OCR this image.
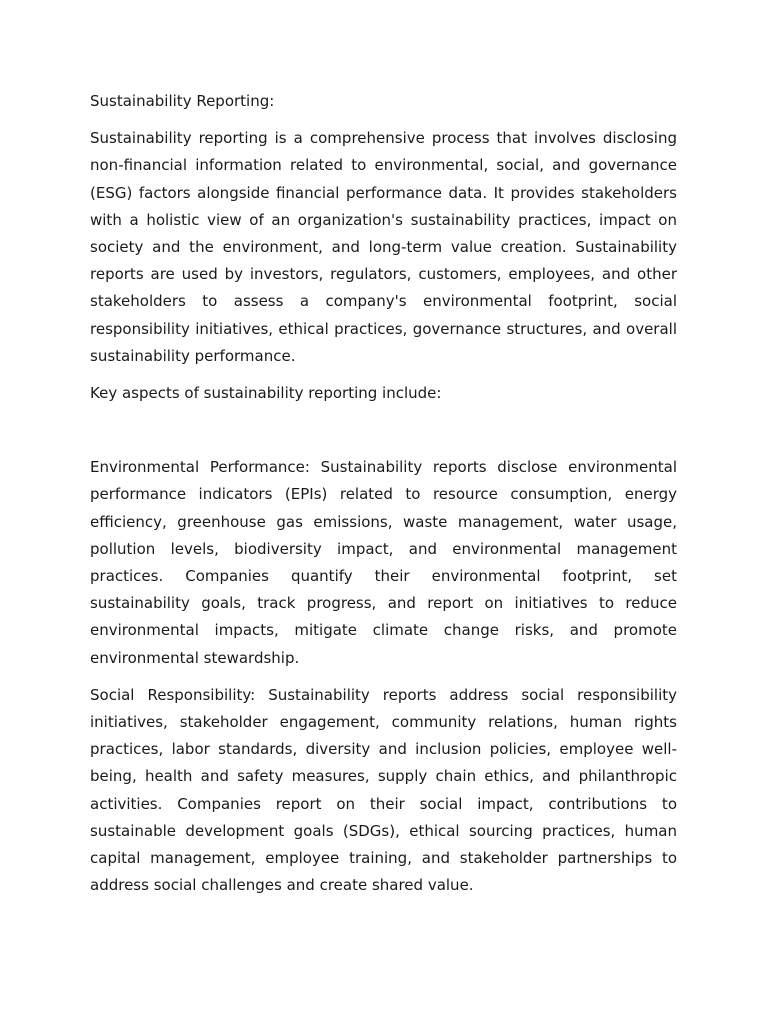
Sustainability Reporting:

Sustainability reporting is a comprehensive process that involves disclosing non-financial information related to environmental, social, and governance (ESG) factors alongside financial performance data. It provides stakeholders with a holistic view of an organization's sustainability practices, impact on society and the environment, and long-term value creation. Sustainability reports are used by investors, regulators, customers, employees, and other stakeholders to assess a company's environmental footprint, social responsibility initiatives, ethical practices, governance structures, and overall sustainability performance.

Key aspects of sustainability reporting include:

Environmental Performance: Sustainability reports disclose environmental performance indicators (EPIs) related to resource consumption, energy efficiency, greenhouse gas emissions, waste management, water usage, pollution levels, biodiversity impact, and environmental management practices. Companies quantify their environmental footprint, set sustainability goals, track progress, and report on initiatives to reduce environmental impacts, mitigate climate change risks, and promote environmental stewardship.

Social Responsibility: Sustainability reports address social responsibility initiatives, stakeholder engagement, community relations, human rights practices, labor standards, diversity and inclusion policies, employee well-being, health and safety measures, supply chain ethics, and philanthropic activities. Companies report on their social impact, contributions to sustainable development goals (SDGs), ethical sourcing practices, human capital management, employee training, and stakeholder partnerships to address social challenges and create shared value.
